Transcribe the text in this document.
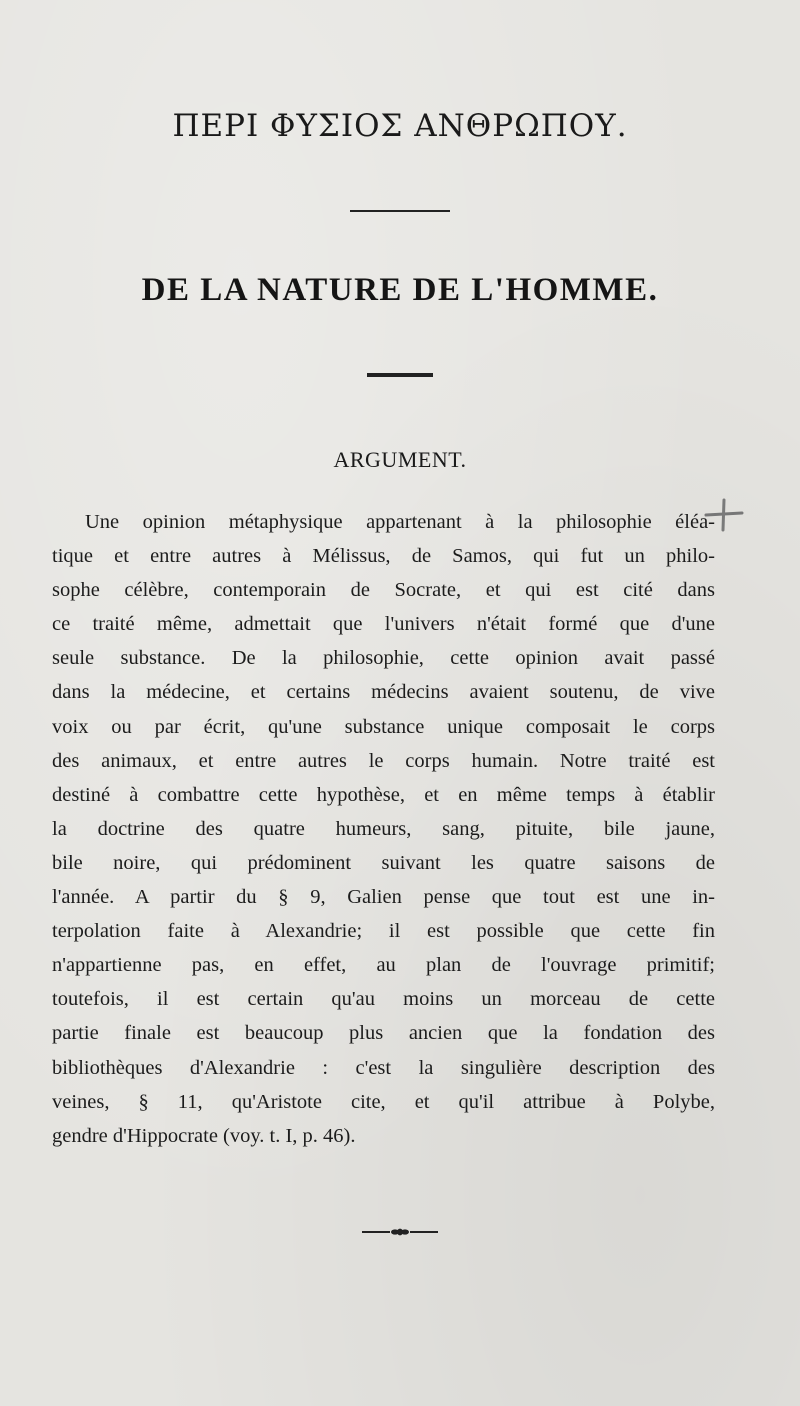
ΠΕΡΙ ΦΥΣΙΟΣ ΑΝΘΡΩΠΟΥ.
DE LA NATURE DE L'HOMME.
ARGUMENT.
Une opinion métaphysique appartenant à la philosophie éléa-
tique et entre autres à Mélissus, de Samos, qui fut un philo-
sophe célèbre, contemporain de Socrate, et qui est cité dans
ce traité même, admettait que l'univers n'était formé que d'une
seule substance. De la philosophie, cette opinion avait passé
dans la médecine, et certains médecins avaient soutenu, de vive
voix ou par écrit, qu'une substance unique composait le corps
des animaux, et entre autres le corps humain. Notre traité est
destiné à combattre cette hypothèse, et en même temps à établir
la doctrine des quatre humeurs, sang, pituite, bile jaune,
bile noire, qui prédominent suivant les quatre saisons de
l'année. A partir du § 9, Galien pense que tout est une in-
terpolation faite à Alexandrie; il est possible que cette fin
n'appartienne pas, en effet, au plan de l'ouvrage primitif;
toutefois, il est certain qu'au moins un morceau de cette
partie finale est beaucoup plus ancien que la fondation des
bibliothèques d'Alexandrie : c'est la singulière description des
veines, § 11, qu'Aristote cite, et qu'il attribue à Polybe,
gendre d'Hippocrate (voy. t. I, p. 46).
